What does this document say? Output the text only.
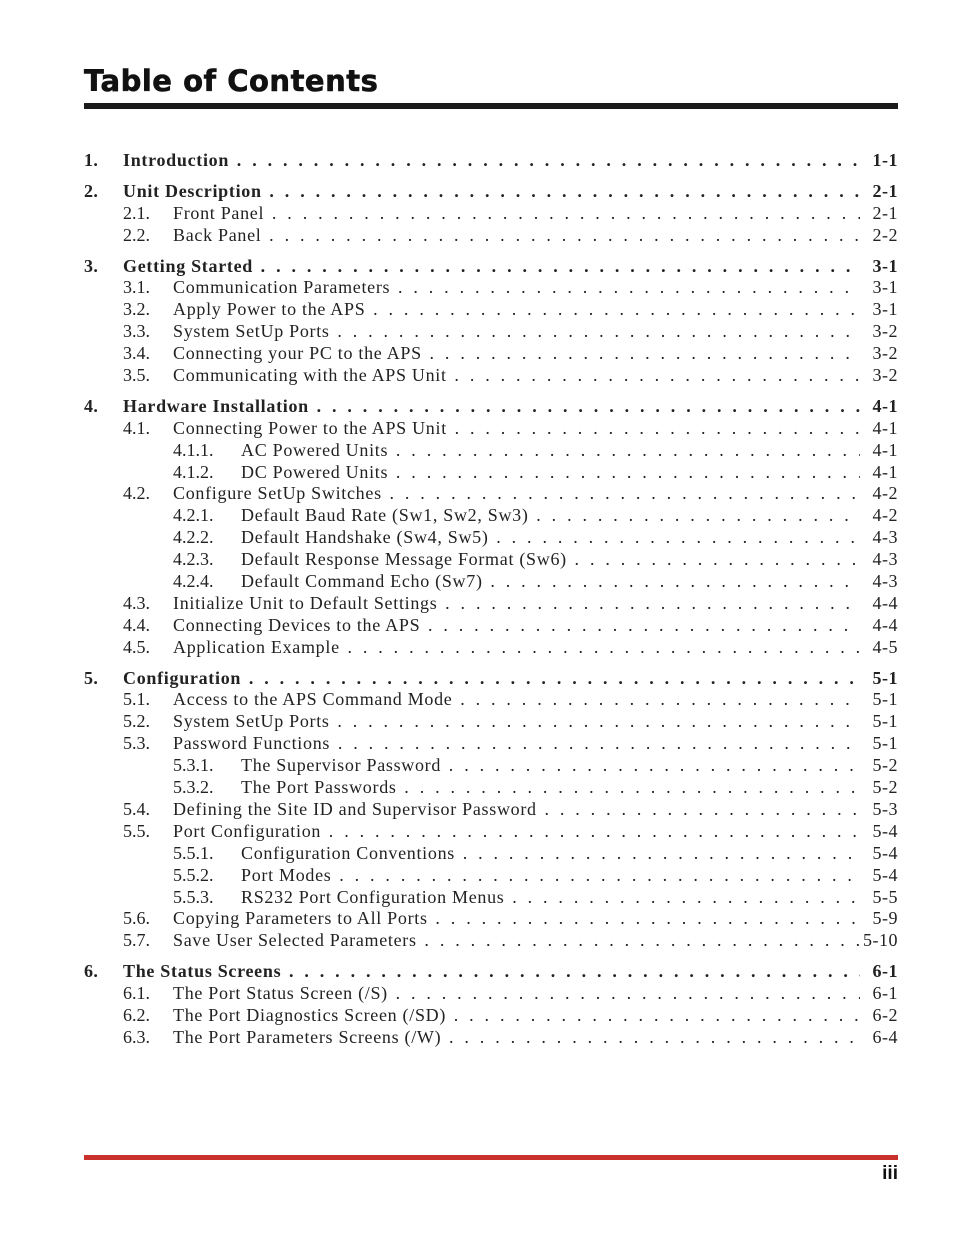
Table of Contents
1. Introduction . . .	1-1
2. Unit Description . . .	2-1
2.1. Front Panel . . .	2-1
2.2. Back Panel . . .	2-2
3. Getting Started . . .	3-1
3.1. Communication Parameters . . .	3-1
3.2. Apply Power to the APS . . .	3-1
3.3. System SetUp Ports . . .	3-2
3.4. Connecting your PC to the APS . . .	3-2
3.5. Communicating with the APS Unit . . .	3-2
4. Hardware Installation . . .	4-1
4.1. Connecting Power to the APS Unit . . .	4-1
4.1.1. AC Powered Units . . .	4-1
4.1.2. DC Powered Units . . .	4-1
4.2. Configure SetUp Switches . . .	4-2
4.2.1. Default Baud Rate (Sw1, Sw2, Sw3) . . .	4-2
4.2.2. Default Handshake (Sw4, Sw5) . . .	4-3
4.2.3. Default Response Message Format (Sw6) . . .	4-3
4.2.4. Default Command Echo (Sw7) . . .	4-3
4.3. Initialize Unit to Default Settings . . .	4-4
4.4. Connecting Devices to the APS . . .	4-4
4.5. Application Example . . .	4-5
5. Configuration . . .	5-1
5.1. Access to the APS Command Mode . . .	5-1
5.2. System SetUp Ports . . .	5-1
5.3. Password Functions . . .	5-1
5.3.1. The Supervisor Password . . .	5-2
5.3.2. The Port Passwords . . .	5-2
5.4. Defining the Site ID and Supervisor Password . . .	5-3
5.5. Port Configuration . . .	5-4
5.5.1. Configuration Conventions . . .	5-4
5.5.2. Port Modes . . .	5-4
5.5.3. RS232 Port Configuration Menus . . .	5-5
5.6. Copying Parameters to All Ports . . .	5-9
5.7. Save User Selected Parameters . . .	5-10
6. The Status Screens . . .	6-1
6.1. The Port Status Screen (/S) . . .	6-1
6.2. The Port Diagnostics Screen (/SD) . . .	6-2
6.3. The Port Parameters Screens (/W) . . .	6-4
iii
